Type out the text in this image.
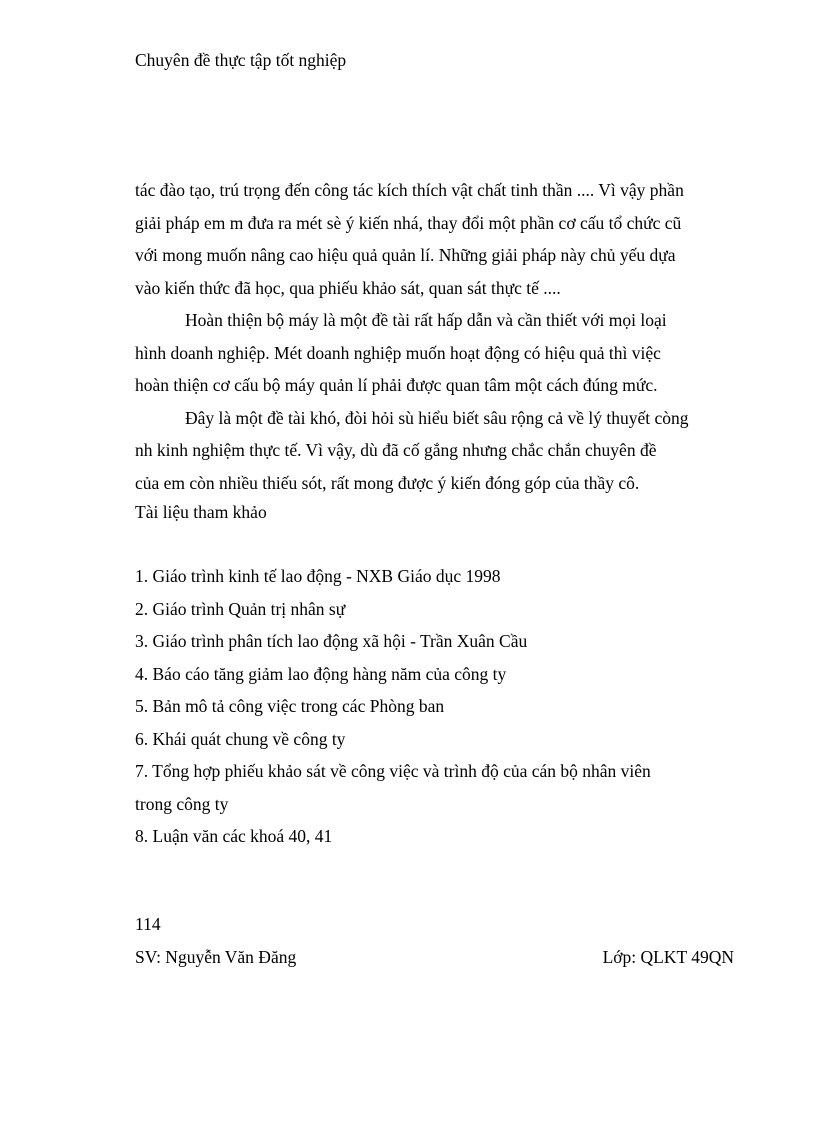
Chuyên đề thực tập tốt nghiệp
tác đào tạo, trú trọng đến công tác kích thích vật chất tinh thần .... Vì vậy phần
giải pháp em m đưa ra mét sè ý kiến nhá, thay đổi một phần cơ cấu tổ chức cũ
với mong muốn nâng cao hiệu quả quản lí. Những giải pháp này chủ yếu dựa
vào kiến thức đã học, qua phiếu khảo sát, quan sát thực tế ....
Hoàn thiện bộ máy là một đề tài rất hấp dẫn và cần thiết với mọi loại
hình doanh nghiệp. Mét doanh nghiệp muốn hoạt động có hiệu quả thì việc
hoàn thiện cơ cấu bộ máy quản lí phải được quan tâm một cách đúng mức.
Đây là một đề tài khó, đòi hỏi sù hiểu biết sâu rộng cả về lý thuyết còng
nh kinh nghiệm thực tế. Vì vậy, dù đã cố gắng nhưng chắc chắn chuyên đề
của em còn nhiều thiếu sót, rất mong được ý kiến đóng góp của thầy cô.
Tài liệu tham khảo
1. Giáo trình kinh tế lao động - NXB Giáo dục 1998
2. Giáo trình Quản trị nhân sự
3. Giáo trình phân tích lao động xã hội - Trần Xuân Cầu
4. Báo cáo tăng giảm lao động hàng năm của công ty
5. Bản mô tả công việc trong các Phòng ban
6. Khái quát chung về công ty
7. Tổng hợp phiếu khảo sát về công việc và trình độ của cán bộ nhân viên
trong công ty
8. Luận văn các khoá 40, 41
114
SV: Nguyễn Văn Đăng	Lớp: QLKT 49QN
